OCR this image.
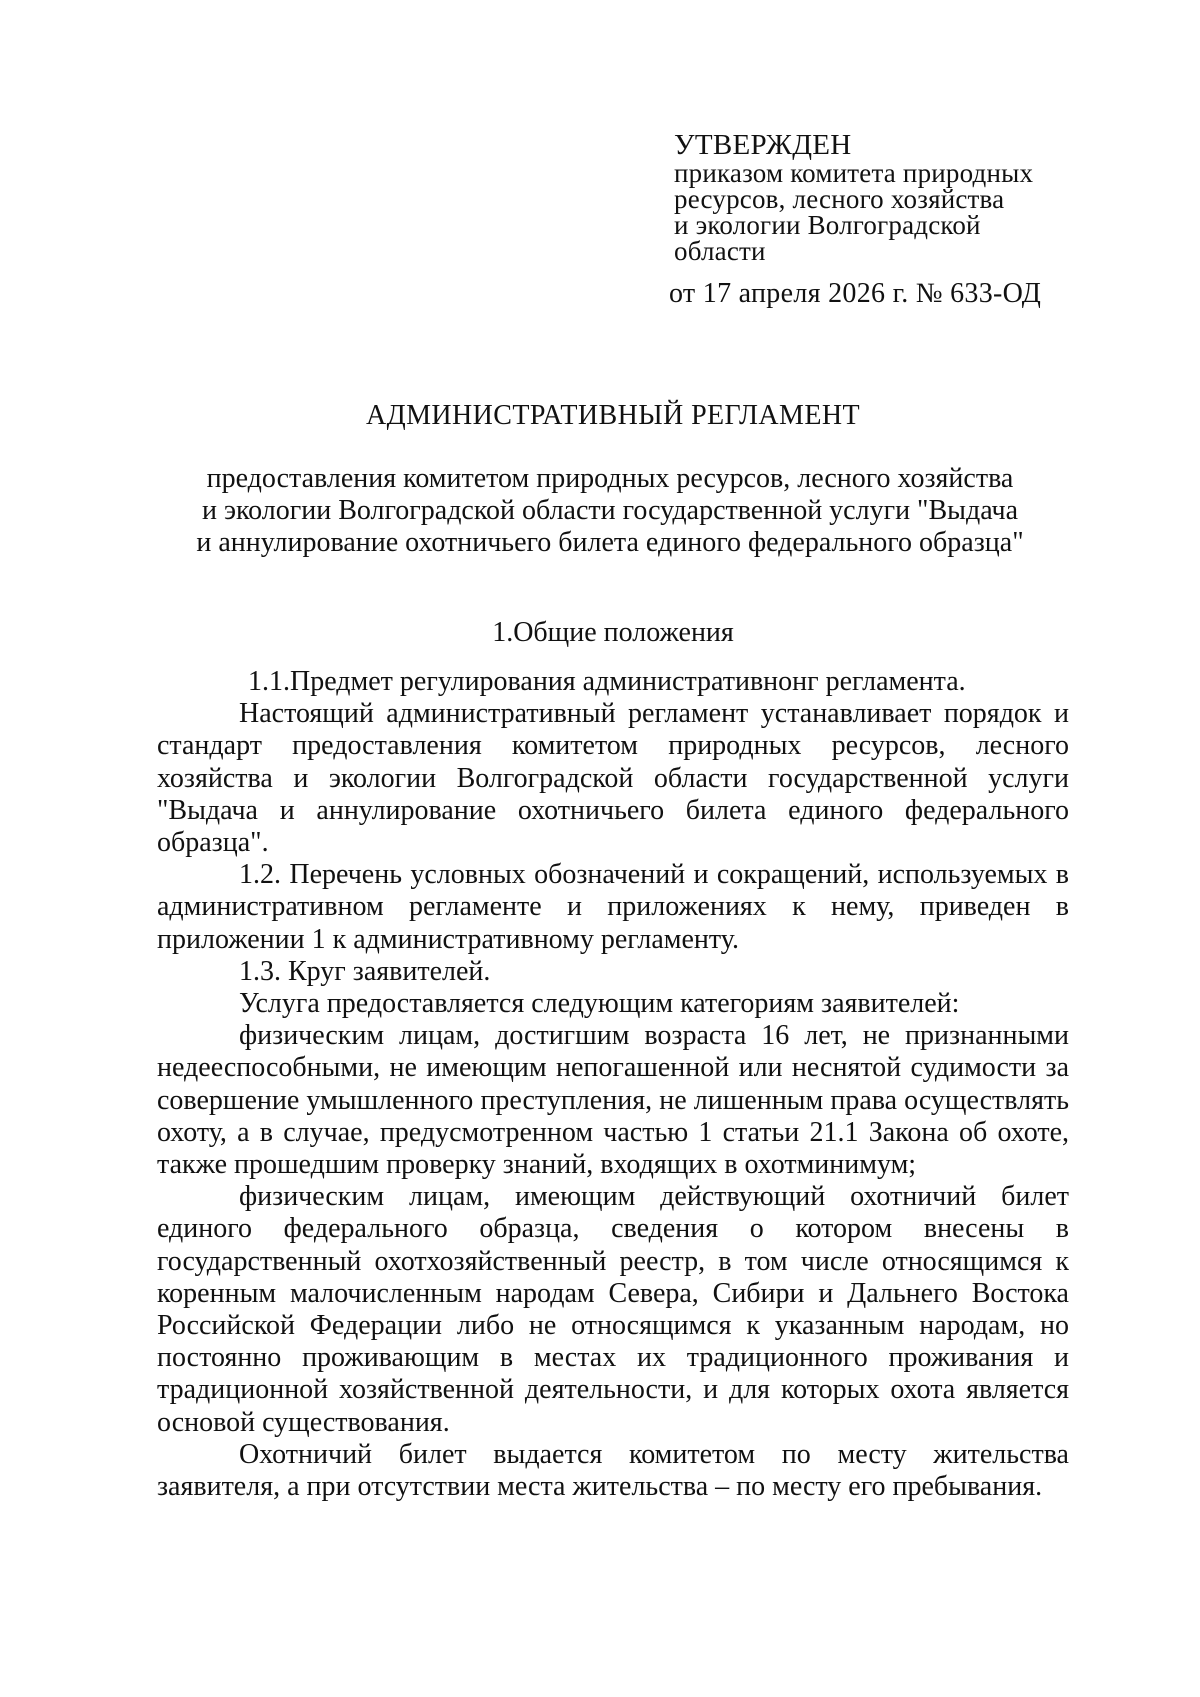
УТВЕРЖДЕН
приказом комитета природных
ресурсов, лесного хозяйства
и экологии Волгоградской
области
от 17 апреля 2026 г. № 633-ОД
АДМИНИСТРАТИВНЫЙ РЕГЛАМЕНТ
предоставления комитетом природных ресурсов, лесного хозяйства
и экологии Волгоградской области государственной услуги "Выдача
и аннулирование охотничьего билета единого федерального образца"
1.Общие положения

1.1.Предмет регулирования административнонг регламента.

Настоящий административный регламент устанавливает порядок и стандарт предоставления комитетом природных ресурсов, лесного хозяйства и экологии Волгоградской области государственной услуги "Выдача и аннулирование охотничьего билета единого федерального образца".

1.2. Перечень условных обозначений и сокращений, используемых в административном регламенте и приложениях к нему, приведен в приложении 1 к административному регламенту.

1.3. Круг заявителей.

Услуга предоставляется следующим категориям заявителей:

физическим лицам, достигшим возраста 16 лет, не признанными недееспособными, не имеющим непогашенной или неснятой судимости за совершение умышленного преступления, не лишенным права осуществлять охоту, а в случае, предусмотренном частью 1 статьи 21.1 Закона об охоте, также прошедшим проверку знаний, входящих в охотминимум;

физическим лицам, имеющим действующий охотничий билет единого федерального образца, сведения о котором внесены в государственный охотхозяйственный реестр, в том числе относящимся к коренным малочисленным народам Севера, Сибири и Дальнего Востока Российской Федерации либо не относящимся к указанным народам, но постоянно проживающим в местах их традиционного проживания и традиционной хозяйственной деятельности, и для которых охота является основой существования.

Охотничий билет выдается комитетом по месту жительства заявителя, а при отсутствии места жительства – по месту его пребывания.
